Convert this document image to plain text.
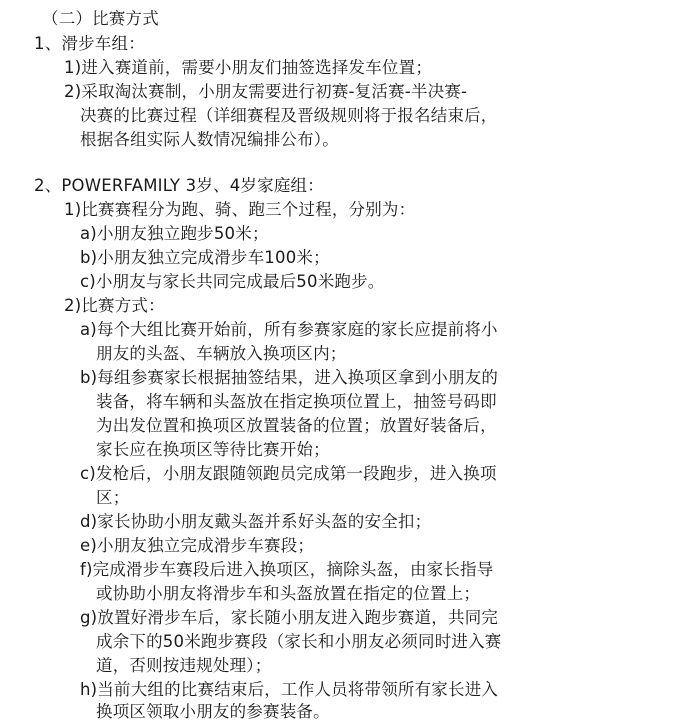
（二）比赛方式
1、滑步车组：
1)进入赛道前，需要小朋友们抽签选择发车位置；
2)采取淘汰赛制，小朋友需要进行初赛-复活赛-半决赛-
决赛的比赛过程（详细赛程及晋级规则将于报名结束后，
根据各组实际人数情况编排公布）。
2、POWERFAMILY 3岁、4岁家庭组：
1)比赛赛程分为跑、骑、跑三个过程，分别为：
a)小朋友独立跑步50米；
b)小朋友独立完成滑步车100米；
c)小朋友与家长共同完成最后50米跑步。
2)比赛方式：
a)每个大组比赛开始前，所有参赛家庭的家长应提前将小
朋友的头盔、车辆放入换项区内；
b)每组参赛家长根据抽签结果，进入换项区拿到小朋友的
装备，将车辆和头盔放在指定换项位置上，抽签号码即
为出发位置和换项区放置装备的位置；放置好装备后，
家长应在换项区等待比赛开始；
c)发枪后，小朋友跟随领跑员完成第一段跑步，进入换项
区；
d)家长协助小朋友戴头盔并系好头盔的安全扣；
e)小朋友独立完成滑步车赛段；
f)完成滑步车赛段后进入换项区，摘除头盔，由家长指导
或协助小朋友将滑步车和头盔放置在指定的位置上；
g)放置好滑步车后，家长随小朋友进入跑步赛道，共同完
成余下的50米跑步赛段（家长和小朋友必须同时进入赛
道，否则按违规处理）；
h)当前大组的比赛结束后，工作人员将带领所有家长进入
换项区领取小朋友的参赛装备。
